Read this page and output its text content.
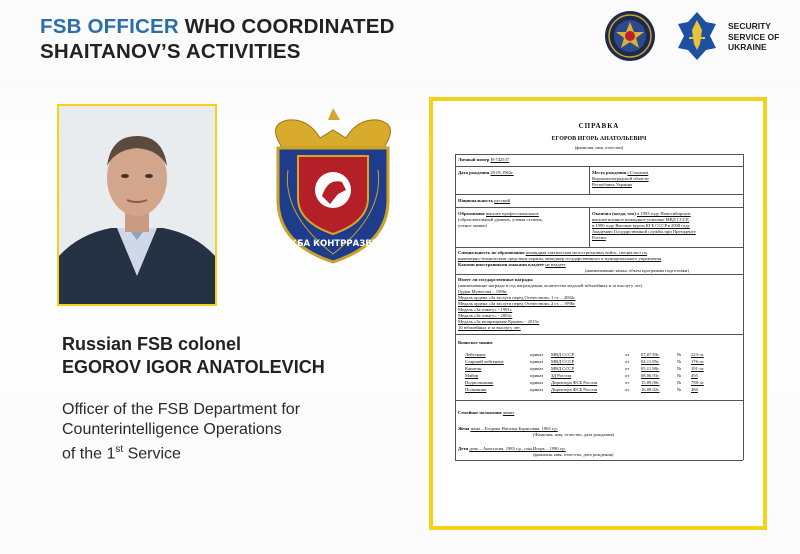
FSB OFFICER WHO COORDINATED
SHAITANOV’S ACTIVITIES
SECURITY
SERVICE OF
UKRAINE
СЛУЖБА КОНТРРАЗВЕДКИ
Russian FSB colonel
EGOROV IGOR ANATOLEVICH
Officer of the FSB Department for
Counterintelligence Operations
of the 1st Service
СПРАВКА
ЕГОРОВ ИГОРЬ АНАТОЛЬЕВИЧ
(фамилия, имя, отчество)
Личный номер Н-742537
Дата рождения 29.05.1962г.	Место рождения г.Стаханов
Ворошиловградской области
Республика Украина
Национальность русский
Образование высшее профессиональное
(образовательный уровень, ученая степень,
ученое звание)
Окончил (когда, что) в 1993 году Новосибирское
высшее военное командное училище МВД СССР,
в 1990 году Высшие курсы КГБ СССР,в 2008 году
Академию Государственной службы при Президенте
России
Специальность по образованию командная тактическая мотострелковых войск, специалист по
инженерно-техническим средствам охраны, менеджер государственного и муниципального управления
Какими иностранными языками владеет не владеет
(наименование языка, объем программы подготовки)
Имеет ли государственные награды
(наименование награды и год награждения, количество медалей юбилейных и за выслугу лет)
Орден Мужества – 1996г.
Медаль ордена «За заслуги перед Отечеством» 1 ст. – 2002г.
Медаль ордена «За заслуги перед Отечеством» 2 ст. – 1996г.
Медаль «За отвагу» - 1991г.
Медаль «За отвагу» - 2002г.
Медаль «За возвращение Крыма» - 2015г.
10 юбилейных и за выслугу лет.
Воинское звание
Лейтенант	приказ МВД СССР	от	07.07.83г.	№ 223-лс
Старший лейтенант	приказ МВД СССР	от	04.11.85г.	№ 176-лс
Капитан	приказ МВД СССР	от	05.11.88г.	№ 191-лс
Майор	приказ ЗД России	от	08.06.93г.	№ 495
Подполковник	приказ Директора ФСБ России	от	15.09.00г.	№ 798-лс
Полковник	приказ Директора ФСБ России	от	16.08.02г.	№ 480
Семейное положение женат
Жена жена – Егорова Наталья Борисовна, 1963 г.р.
(Фамилия, имя, отчество, дата рождения)
Дети дочь – Анастасия, 1985 г.р., сын Игорь – 1990 г.р.
(фамилия, имя, отчество, дата рождения)
